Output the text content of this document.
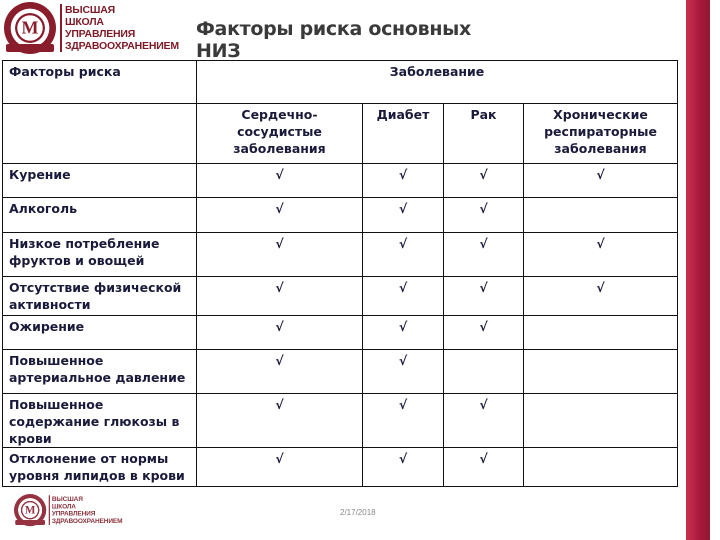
М
ВЫСШАЯ
ШКОЛА
УПРАВЛЕНИЯ
ЗДРАВООХРАНЕНИЕМ
Факторы риска основных НИЗ
Факторы риска	Заболевание			
	Сердечно-сосудистые заболевания	Диабет	Рак	Хронические респираторные заболевания
Курение	√	√	√	√
Алкоголь	√	√	√	
Низкое потребление фруктов и овощей	√	√	√	√
Отсутствие физической активности	√	√	√	√
Ожирение	√	√	√	
Повышенное артериальное давление	√	√		
Повышенное содержание глюкозы в крови	√	√	√	
Отклонение от нормы уровня липидов в крови	√	√	√	
М
ВЫСШАЯ
ШКОЛА
УПРАВЛЕНИЯ
ЗДРАВООХРАНЕНИЕМ
2/17/2018
